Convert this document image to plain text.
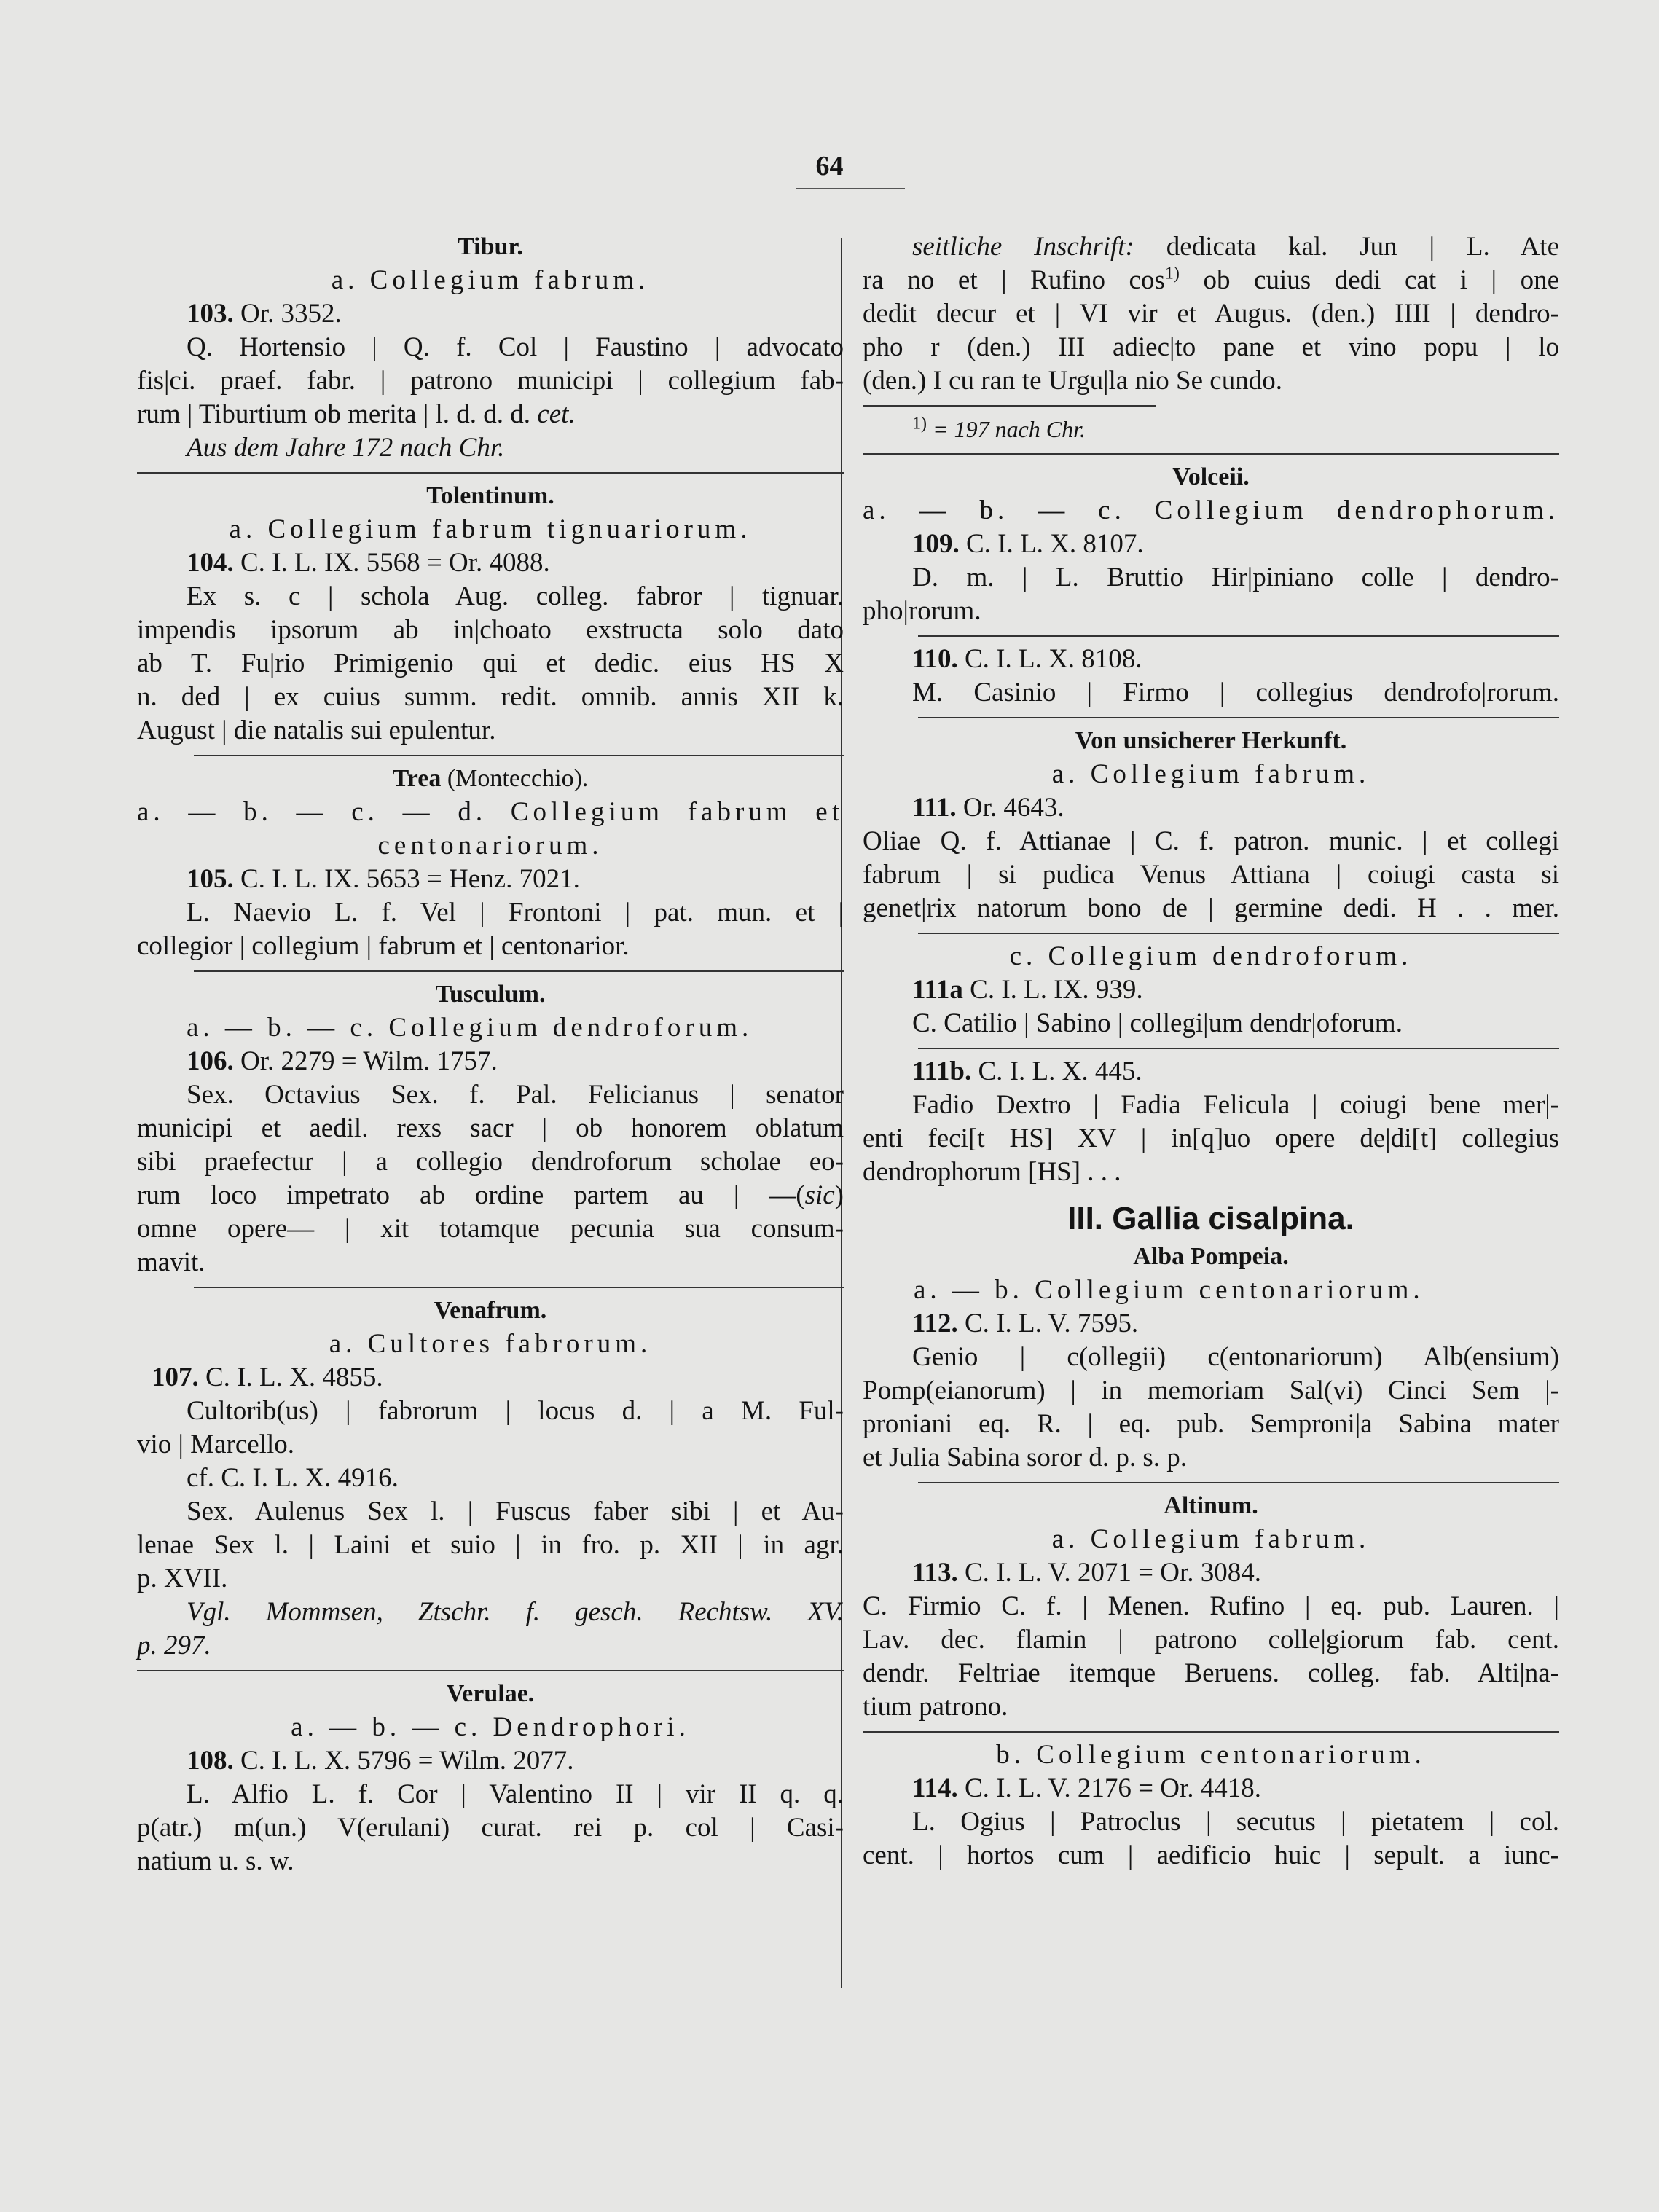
64
Tibur.
a. Collegium fabrum.
103. Or. 3352.
Q. Hortensio | Q. f. Col | Faustino | advocato
fis|ci. praef. fabr. | patrono municipi | collegium fab-
rum | Tiburtium ob merita | l. d. d. d. cet.
Aus dem Jahre 172 nach Chr.
Tolentinum.
a. Collegium fabrum tignuariorum.
104. C. I. L. IX. 5568 = Or. 4088.
Ex s. c | schola Aug. colleg. fabror | tignuar.
impendis ipsorum ab in|choato exstructa solo dato
ab T. Fu|rio Primigenio qui et dedic. eius HS X
n. ded | ex cuius summ. redit. omnib. annis XII k.
August | die natalis sui epulentur.
Trea (Montecchio).
a. — b. — c. — d. Collegium fabrum et
centonariorum.
105. C. I. L. IX. 5653 = Henz. 7021.
L. Naevio L. f. Vel | Frontoni | pat. mun. et |
collegior | collegium | fabrum et | centonarior.
Tusculum.
a. — b. — c. Collegium dendroforum.
106. Or. 2279 = Wilm. 1757.
Sex. Octavius Sex. f. Pal. Felicianus | senator
municipi et aedil. rexs sacr | ob honorem oblatum
sibi praefectur | a collegio dendroforum scholae eo-
rum loco impetrato ab ordine partem au | —(sic)
omne opere— | xit totamque pecunia sua consum-
mavit.
Venafrum.
a. Cultores fabrorum.
107. C. I. L. X. 4855.
Cultorib(us) | fabrorum | locus d. | a M. Ful-
vio | Marcello.
cf. C. I. L. X. 4916.
Sex. Aulenus Sex l. | Fuscus faber sibi | et Au-
lenae Sex l. | Laini et suio | in fro. p. XII | in agr.
p. XVII.
Vgl. Mommsen, Ztschr. f. gesch. Rechtsw. XV.
p. 297.
Verulae.
a. — b. — c. Dendrophori.
108. C. I. L. X. 5796 = Wilm. 2077.
L. Alfio L. f. Cor | Valentino II | vir II q. q.
p(atr.) m(un.) V(erulani) curat. rei p. col | Casi-
natium u. s. w.
seitliche Inschrift: dedicata kal. Jun | L. Ate
ra no et | Rufino $\cos^{1)}$ ob cuius dedi cat i | one
dedit decur et | VI vir et Augus. (den.) IIII | dendro-
pho r (den.) III adiec|to pane et vino popu | lo
(den.) I cu ran te Urgu|la nio Se cundo.
$^{1)}$ = 197 nach Chr.
Volceii.
a. — b. — c. Collegium dendrophorum.
109. C. I. L. X. 8107.
D. m. | L. Bruttio Hir|piniano colle | dendro-
pho|rorum.
110. C. I. L. X. 8108.
M. Casinio | Firmo | collegius dendrofo|rorum.
Von unsicherer Herkunft.
a. Collegium fabrum.
111. Or. 4643.
Oliae Q. f. Attianae | C. f. patron. munic. | et collegi
fabrum | si pudica Venus Attiana | coiugi casta si
genet|rix natorum bono de | germine dedi. H . . mer.
c. Collegium dendroforum.
111a C. I. L. IX. 939.
C. Catilio | Sabino | collegi|um dendr|oforum.
111b. C. I. L. X. 445.
Fadio Dextro | Fadia Felicula | coiugi bene mer|-
enti feci[t HS] XV | in[q]uo opere de|di[t] collegius
dendrophorum [HS] . . .
III. Gallia cisalpina.
Alba Pompeia.
a. — b. Collegium centonariorum.
112. C. I. L. V. 7595.
Genio | c(ollegii) c(entonariorum) Alb(ensium)
Pomp(eianorum) | in memoriam Sal(vi) Cinci Sem |-
proniani eq. R. | eq. pub. Semproni|a Sabina mater
et Julia Sabina soror d. p. s. p.
Altinum.
a. Collegium fabrum.
113. C. I. L. V. 2071 = Or. 3084.
C. Firmio C. f. | Menen. Rufino | eq. pub. Lauren. |
Lav. dec. flamin | patrono colle|giorum fab. cent.
dendr. Feltriae itemque Beruens. colleg. fab. Alti|na-
tium patrono.
b. Collegium centonariorum.
114. C. I. L. V. 2176 = Or. 4418.
L. Ogius | Patroclus | secutus | pietatem | col.
cent. | hortos cum | aedificio huic | sepult. a iunc-
